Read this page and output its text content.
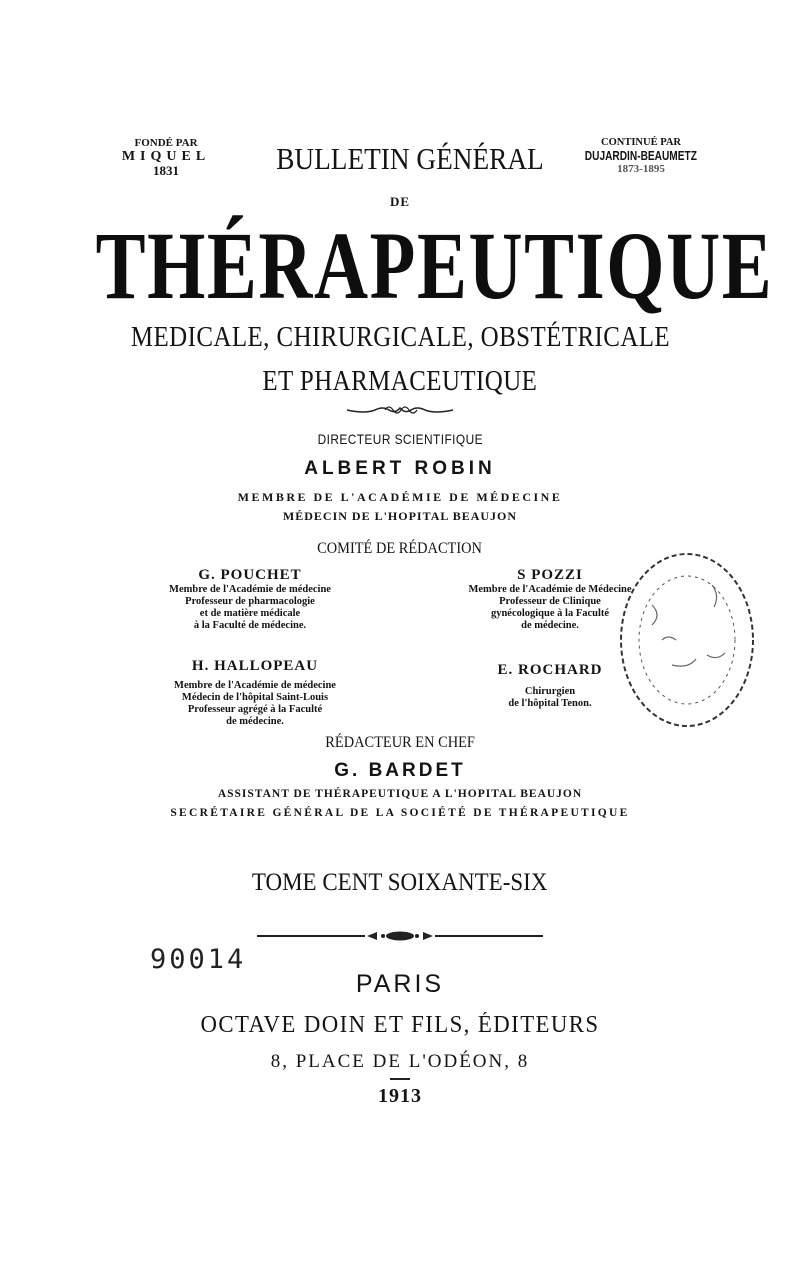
FONDÉ PAR
MIQUEL
1831	BULLETIN GÉNÉRAL	CONTINUÉ PAR
DUJARDIN-BEAUMETZ
1873-1895
DE
THÉRAPEUTIQUE
MEDICALE, CHIRURGICALE, OBSTÉTRICALE
ET PHARMACEUTIQUE
DIRECTEUR SCIENTIFIQUE
ALBERT ROBIN
MEMBRE DE L'ACADÉMIE DE MÉDECINE
MÉDECIN DE L'HOPITAL BEAUJON
COMITÉ DE RÉDACTION
G. POUCHET
Membre de l'Académie de médecine
Professeur de pharmacologie
et de matière médicale
à la Faculté de médecine.
S POZZI
Membre de l'Académie de Médecine
Professeur de Clinique
gynécologique à la Faculté
de médecine.
H. HALLOPEAU
Membre de l'Académie de médecine
Médecin de l'hôpital Saint-Louis
Professeur agrégé à la Faculté
de médecine.
E. ROCHARD
Chirurgien
de l'hôpital Tenon.
RÉDACTEUR EN CHEF
G. BARDET
ASSISTANT DE THÉRAPEUTIQUE A L'HOPITAL BEAUJON
SECRÉTAIRE GÉNÉRAL DE LA SOCIÉTÉ DE THÉRAPEUTIQUE
TOME CENT SOIXANTE-SIX
90014
PARIS
OCTAVE DOIN ET FILS, ÉDITEURS
8, PLACE DE L'ODÉON, 8
1913
